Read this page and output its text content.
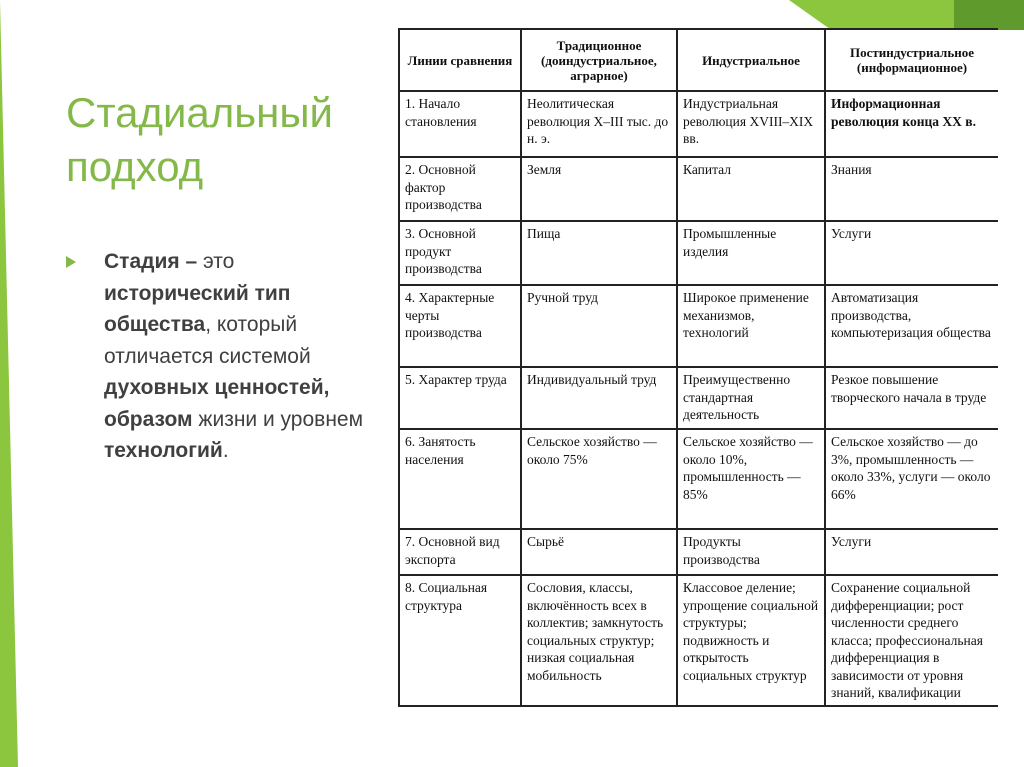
Стадиальный подход
Стадия – это исторический тип общества, который отличается системой духовных ценностей, образом жизни и уровнем технологий.
Линии сравнения	Традиционное (доиндустриальное, аграрное)	Индустриальное	Постиндустриальное (информационное)
1. Начало становления	Неолитическая революция X–III тыс. до н. э.	Индустриальная революция XVIII–XIX вв.	Информационная революция конца XX в.
2. Основной фактор производства	Земля	Капитал	Знания
3. Основной продукт производства	Пища	Промышленные изделия	Услуги
4. Характерные черты производства	Ручной труд	Широкое применение механизмов, технологий	Автоматизация производства, компьютеризация общества
5. Характер труда	Индивидуальный труд	Преимущественно стандартная деятельность	Резкое повышение творческого начала в труде
6. Занятость населения	Сельское хозяйство — около 75%	Сельское хозяйство — около 10%, промышленность — 85%	Сельское хозяйство — до 3%, промышленность — около 33%, услуги — около 66%
7. Основной вид экспорта	Сырьё	Продукты производства	Услуги
8. Социальная структура	Сословия, классы, включённость всех в коллектив; замкнутость социальных структур; низкая социальная мобильность	Классовое деление; упрощение социальной структуры; подвижность и открытость социальных структур	Сохранение социальной дифференциации; рост численности среднего класса; профессиональная дифференциация в зависимости от уровня знаний, квалификации
